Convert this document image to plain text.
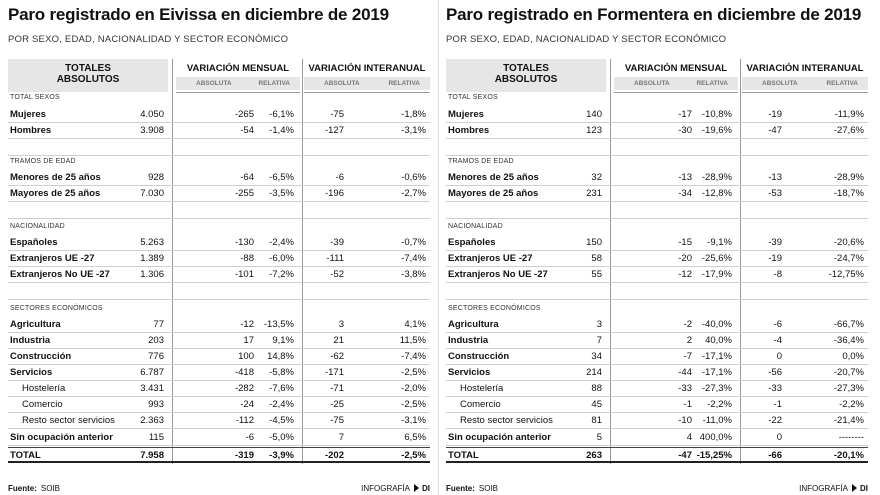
Paro registrado en Eivissa en diciembre de 2019
POR SEXO, EDAD, NACIONALIDAD Y SECTOR ECONÓMICO
TOTALES
ABSOLUTOS
VARIACIÓN MENSUAL
ABSOLUTA	RELATIVA
VARIACIÓN INTERANUAL
ABSOLUTA	RELATIVA
TOTAL SEXOS
TRAMOS DE EDAD
NACIONALIDAD
SECTORES ECONÓMICOS
Mujeres	4.050	-265 -6,1%	-75	-1,8%
Hombres	3.908	-54 -1,4%	-127	-3,1%
Menores de 25 años	928	-64 -6,5%	-6	-0,6%
Mayores de 25 años	7.030	-255 -3,5%	-196	-2,7%
Españoles	5.263	-130 -2,4%	-39	-0,7%
Extranjeros UE -27	1.389	-88 -6,0%	-111	-7,4%
Extranjeros No UE -27	1.306	-101 -7,2%	-52	-3,8%
Agricultura	77	-12 -13,5%	3	4,1%
Industria	203	17 9,1%	21	11,5%
Construcción	776	100 14,8%	-62	-7,4%
Servicios	6.787	-418 -5,8%	-171	-2,5%
Hostelería	3.431	-282 -7,6%	-71	-2,0%
Comercio	993	-24 -2,4%	-25	-2,5%
Resto sector servicios	2.363	-112 -4,5%	-75	-3,1%
Sin ocupación anterior	115	-6 -5,0%	7	6,5%
TOTAL	7.958	-319 -3,9%	-202	-2,5%
Fuente: SOIB	INFOGRAFÍA DI
Paro registrado en Formentera en diciembre de 2019
POR SEXO, EDAD, NACIONALIDAD Y SECTOR ECONÓMICO
TOTALES
ABSOLUTOS
VARIACIÓN MENSUAL
ABSOLUTA	RELATIVA
VARIACIÓN INTERANUAL
ABSOLUTA	RELATIVA
TOTAL SEXOS
TRAMOS DE EDAD
NACIONALIDAD
SECTORES ECONÓMICOS
Mujeres	140	-17 -10,8%	-19	-11,9%
Hombres	123	-30 -19,6%	-47	-27,6%
Menores de 25 años	32	-13 -28,9%	-13	-28,9%
Mayores de 25 años	231	-34 -12,8%	-53	-18,7%
Españoles	150	-15 -9,1%	-39	-20,6%
Extranjeros UE -27	58	-20 -25,6%	-19	-24,7%
Extranjeros No UE -27	55	-12 -17,9%	-8	-12,75%
Agricultura	3	-2 -40,0%	-6	-66,7%
Industria	7	2 40,0%	-4	-36,4%
Construcción	34	-7 -17,1%	0	0,0%
Servicios	214	-44 -17,1%	-56	-20,7%
Hostelería	88	-33 -27,3%	-33	-27,3%
Comercio	45	-1 -2,2%	-1	-2,2%
Resto sector servicios	81	-10 -11,0%	-22	-21,4%
Sin ocupación anterior	5	4 400,0%	0	--------
TOTAL	263	-47 -15,25%	-66	-20,1%
Fuente: SOIB	INFOGRAFÍA DI
